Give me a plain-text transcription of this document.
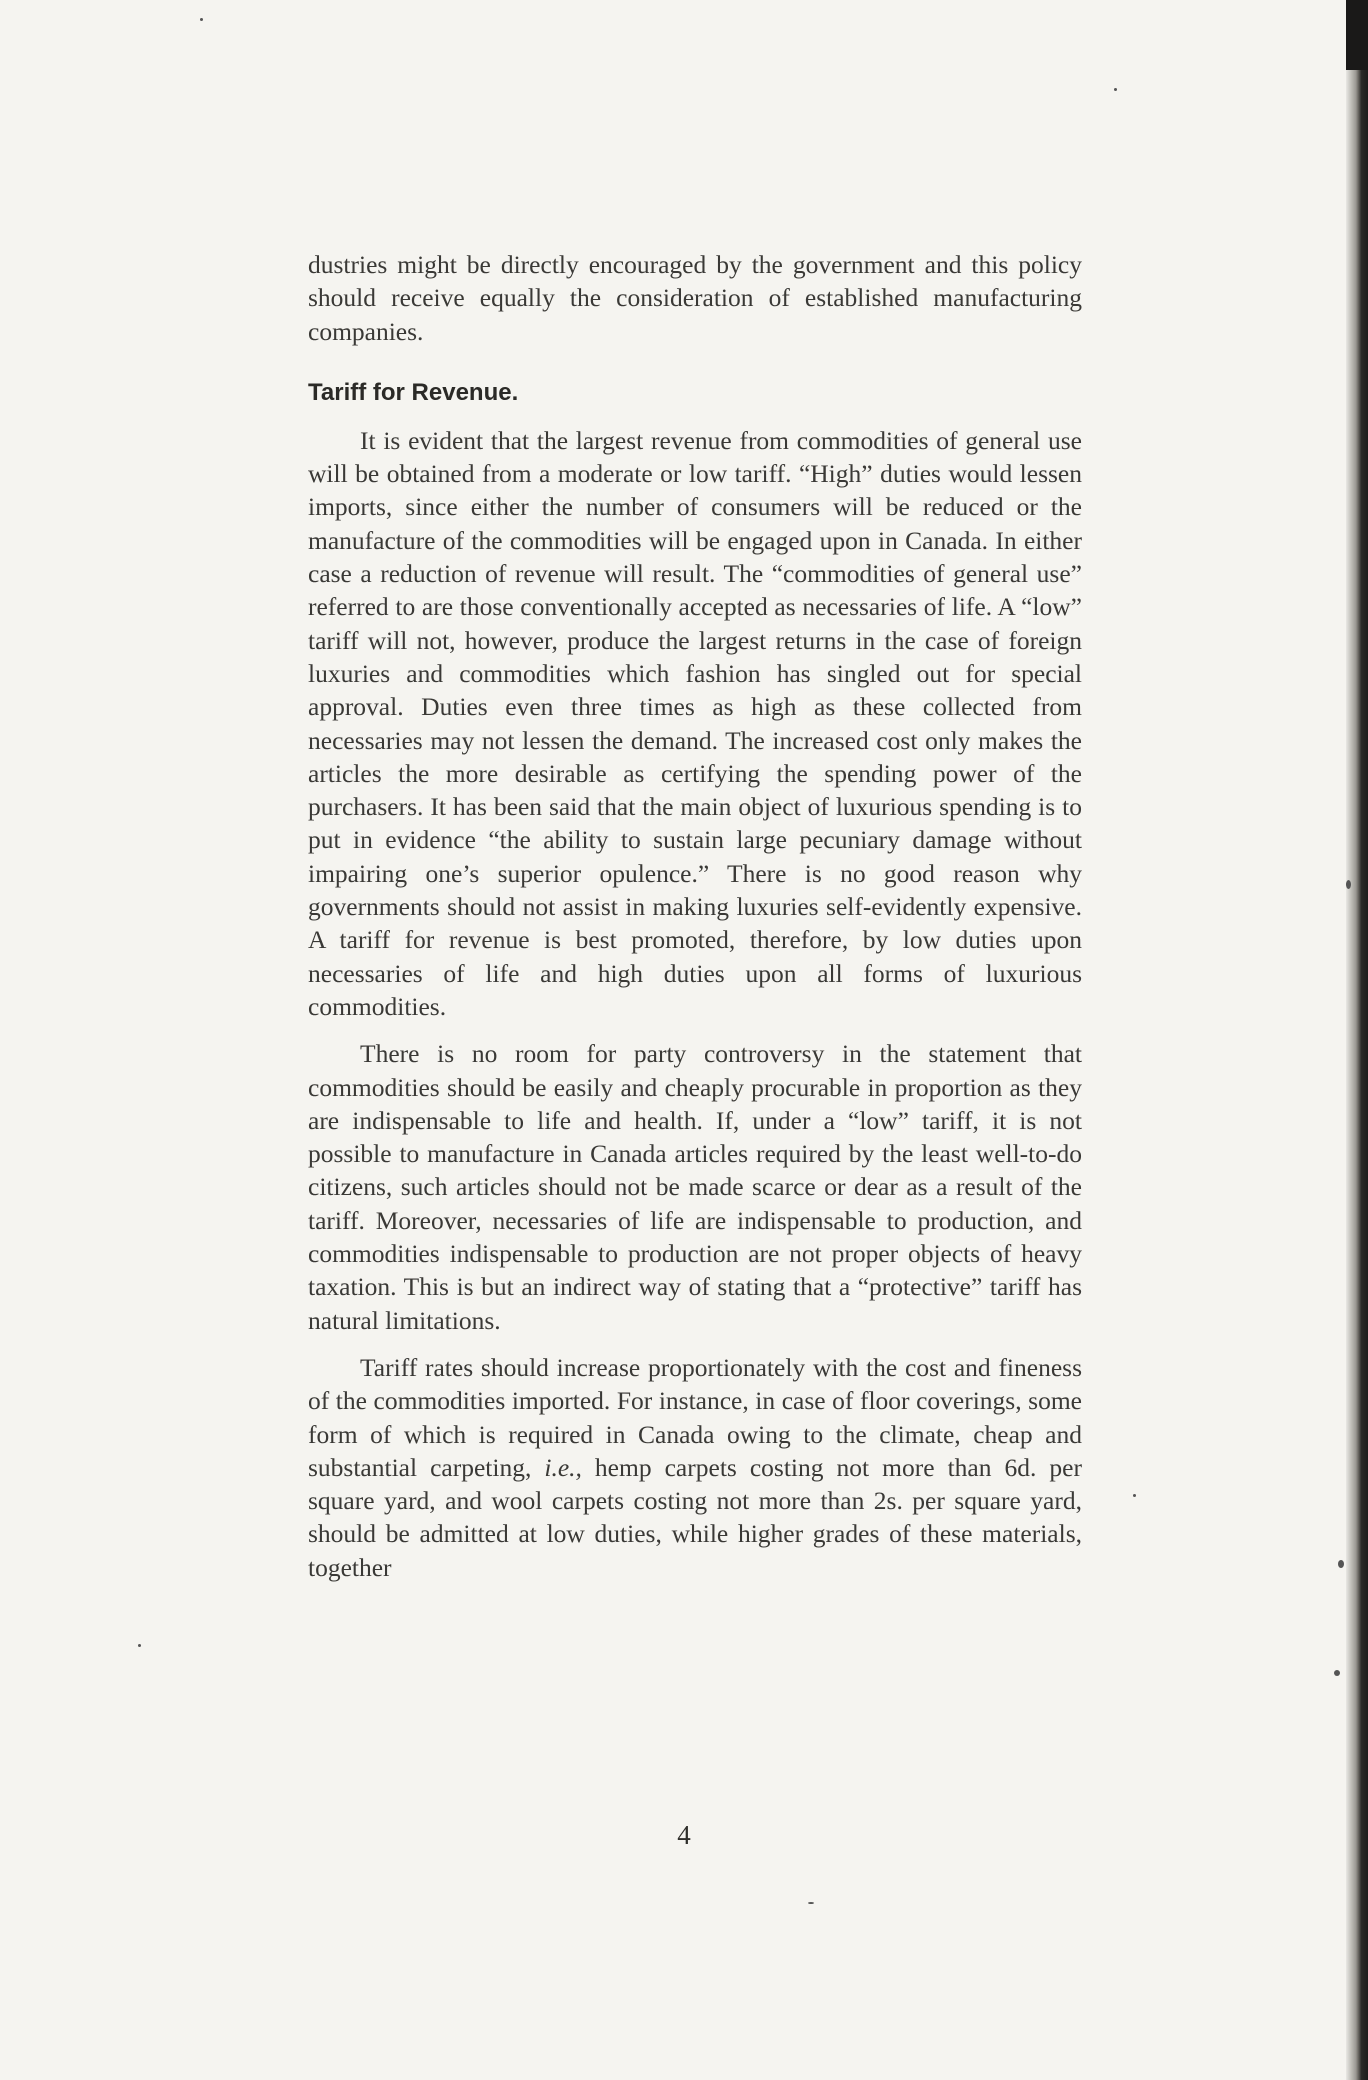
dustries might be directly encouraged by the government and this policy should receive equally the consideration of established manufacturing companies.

Tariff for Revenue.

It is evident that the largest revenue from commodities of general use will be obtained from a moderate or low tariff. “High” duties would lessen imports, since either the number of consumers will be reduced or the manufacture of the commodities will be engaged upon in Canada. In either case a reduction of revenue will result. The “commodities of general use” referred to are those conventionally accepted as necessaries of life. A “low” tariff will not, however, produce the largest returns in the case of foreign luxuries and commodities which fashion has singled out for special approval. Duties even three times as high as these collected from necessaries may not lessen the demand. The increased cost only makes the articles the more desirable as certifying the spending power of the purchasers. It has been said that the main object of luxurious spending is to put in evidence “the ability to sustain large pecuniary damage without impairing one’s superior opulence.” There is no good reason why governments should not assist in making luxuries self-evidently expensive. A tariff for revenue is best promoted, therefore, by low duties upon necessaries of life and high duties upon all forms of luxurious commodities.

There is no room for party controversy in the statement that commodities should be easily and cheaply procurable in proportion as they are indispensable to life and health. If, under a “low” tariff, it is not possible to manufacture in Canada articles required by the least well-to-do citizens, such articles should not be made scarce or dear as a result of the tariff. Moreover, necessaries of life are indispensable to production, and commodities indispensable to production are not proper objects of heavy taxation. This is but an indirect way of stating that a “protective” tariff has natural limitations.

Tariff rates should increase proportionately with the cost and fineness of the commodities imported. For instance, in case of floor coverings, some form of which is required in Canada owing to the climate, cheap and substantial carpeting, i.e., hemp carpets costing not more than 6d. per square yard, and wool carpets costing not more than 2s. per square yard, should be admitted at low duties, while higher grades of these materials, together

4
